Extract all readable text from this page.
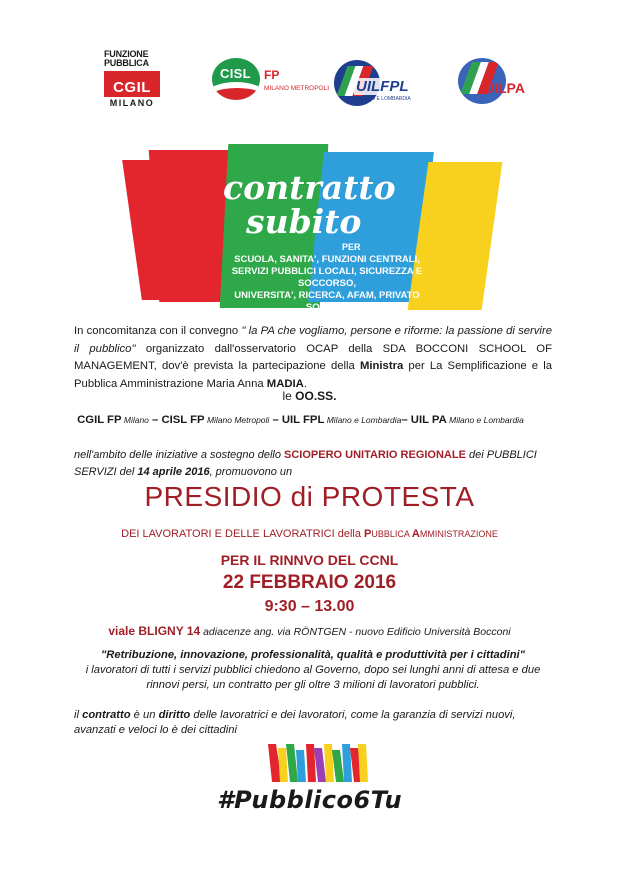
FUNZIONE
PUBBLICA
CGIL
MILANO
CISL FP
MILANO METROPOLI UILFPL
MILANO E LOMBARDIA
UILPA
contratto
subito
PER
SCUOLA, SANITA', FUNZIONI CENTRALI,
SERVIZI PUBBLICI LOCALI, SICUREZZA E SOCCORSO,
UNIVERSITA', RICERCA, AFAM, PRIVATO SOCIALE
In concomitanza con il convegno " la PA che vogliamo, persone e riforme: la passione di servire il pubblico" organizzato dall'osservatorio OCAP della SDA BOCCONI SCHOOL OF MANAGEMENT, dov'è prevista la partecipazione della Ministra per La Semplificazione e la Pubblica Amministrazione Maria Anna MADIA.
le OO.SS.
CGIL FP Milano – CISL FP Milano Metropoli – UIL FPL Milano e Lombardia– UIL PA Milano e Lombardia
nell'ambito delle iniziative a sostegno dello SCIOPERO UNITARIO REGIONALE dei PUBBLICI SERVIZI del 14 aprile 2016, promuovono un
PRESIDIO di PROTESTA
DEI LAVORATORI E DELLE LAVORATRICI della PUBBLICA AMMINISTRAZIONE
PER IL RINNVO DEL CCNL
22 FEBBRAIO 2016
9:30 – 13.00
viale BLIGNY 14 adiacenze ang. via RÖNTGEN - nuovo Edificio Università Bocconi
"Retribuzione, innovazione, professionalità, qualità e produttività per i cittadini"
i lavoratori di tutti i servizi pubblici chiedono al Governo, dopo sei lunghi anni di attesa e due rinnovi persi, un contratto per gli oltre 3 milioni di lavoratori pubblici.
il contratto è un diritto delle lavoratrici e dei lavoratori, come la garanzia di servizi nuovi, avanzati e veloci lo è dei cittadini
#Pubblico6Tu
